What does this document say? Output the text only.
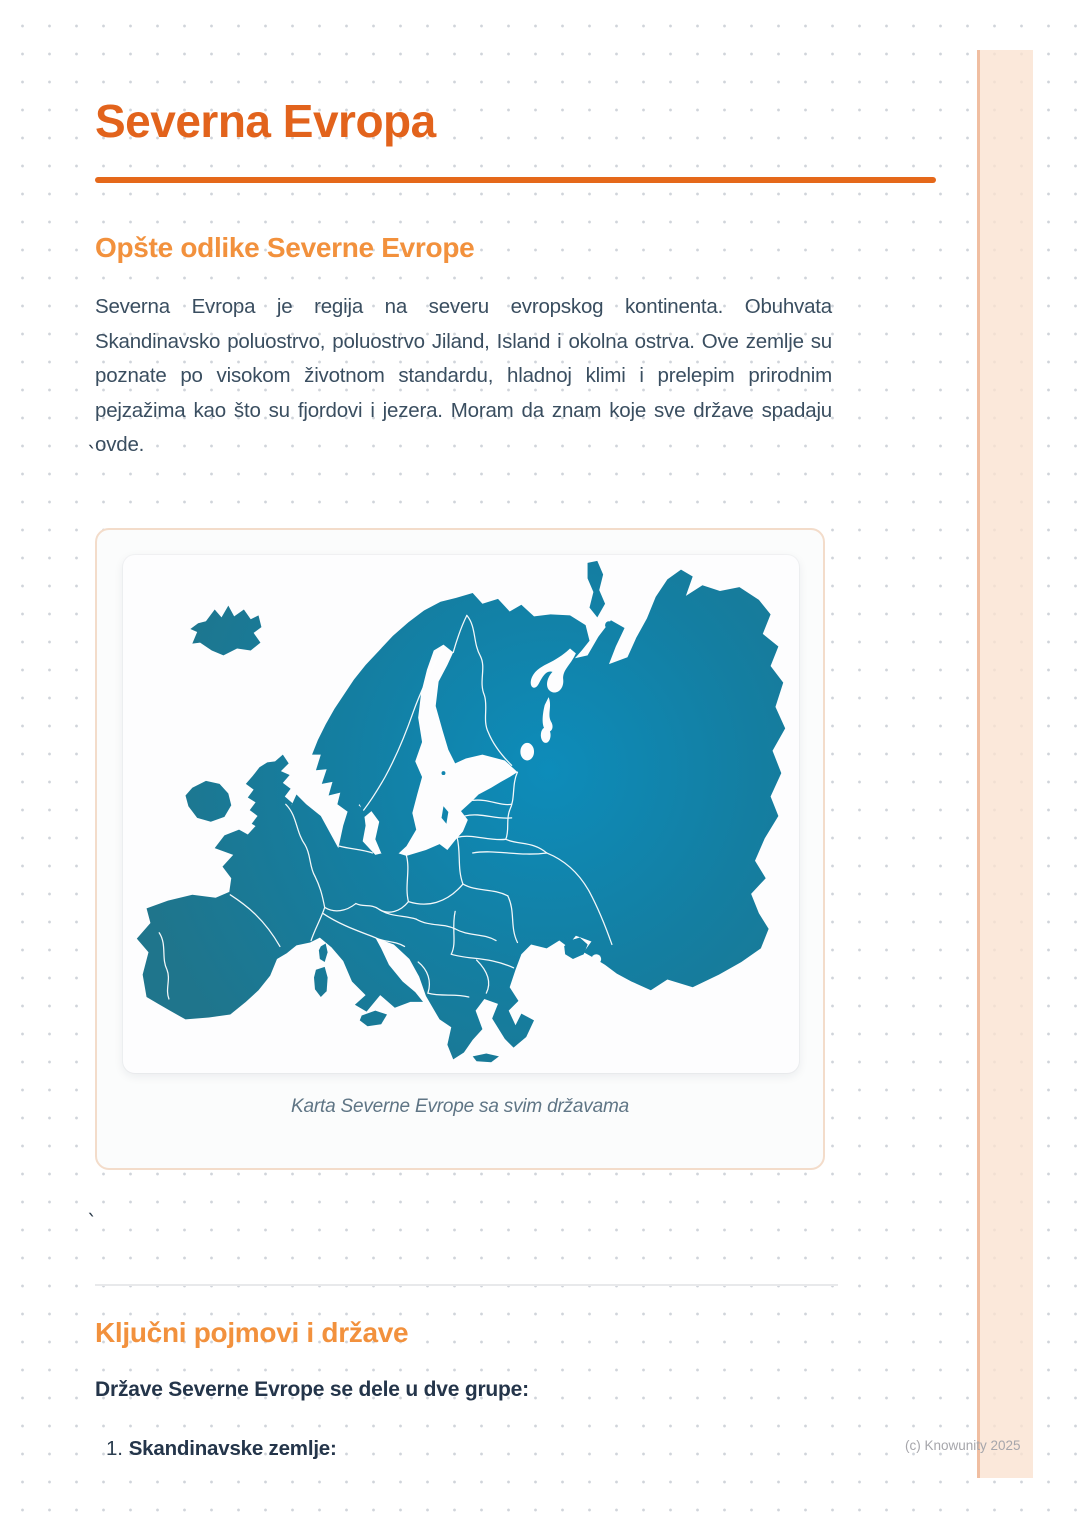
Severna Evropa
Opšte odlike Severne Evrope
Severna Evropa je regija na severu evropskog kontinenta. Obuhvata Skandinavsko poluostrvo, poluostrvo Jiland, Island i okolna ostrva. Ove zemlje su poznate po visokom životnom standardu, hladnoj klimi i prelepim prirodnim pejzažima kao što su fjordovi i jezera. Moram da znam koje sve države spadaju ovde.
`
Karta Severne Evrope sa svim državama
`
Ključni pojmovi i države
Države Severne Evrope se dele u dve grupe:
1. Skandinavske zemlje:	(c) Knowunity 2025
